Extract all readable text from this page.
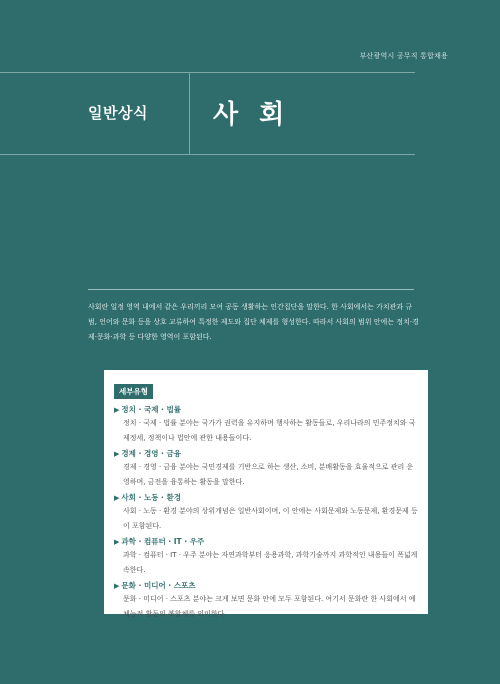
부산광역시 공무직 통합채용
일반상식	사 회
사회란 일정 영역 내에서 같은 우리끼리 모여 공동 생활하는 인간집단을 말한다. 한 사회에서는 가치관과 규범, 언어와 문화 등을 상호 교류하여 특정한 제도와 집단 체제를 형성한다. 따라서 사회의 범위 안에는 정치·경제·문화·과학 등 다양한 영역이 포함된다.
세부유형
▶ 정치 · 국제 · 법률
정치 · 국제 · 법률 분야는 국가가 권력을 유지하며 행사하는 활동들로, 우리나라의 민주정치와 국제정세, 정책이나 법안에 관한 내용들이다.
▶ 경제 · 경영 · 금융
경제 · 경영 · 금융 분야는 국민경제를 기반으로 하는 생산, 소비, 분배활동을 효율적으로 관리 운영하며, 금전을 융통하는 활동을 말한다.
▶ 사회 · 노동 · 환경
사회 · 노동 · 환경 분야의 상위개념은 일반사회이며, 이 안에는 사회문제와 노동문제, 환경문제 등이 포함된다.
▶ 과학 · 컴퓨터 · IT · 우주
과학 · 컴퓨터 · IT · 우주 분야는 자연과학부터 응용과학, 과학기술까지 과학적인 내용들이 폭넓게 속한다.
▶ 문화 · 미디어 · 스포츠
문화 · 미디어 · 스포츠 분야는 크게 보면 문화 안에 모두 포함된다. 여기서 문화란 한 사회에서 예체능적 활동의 복합체를 의미한다.
